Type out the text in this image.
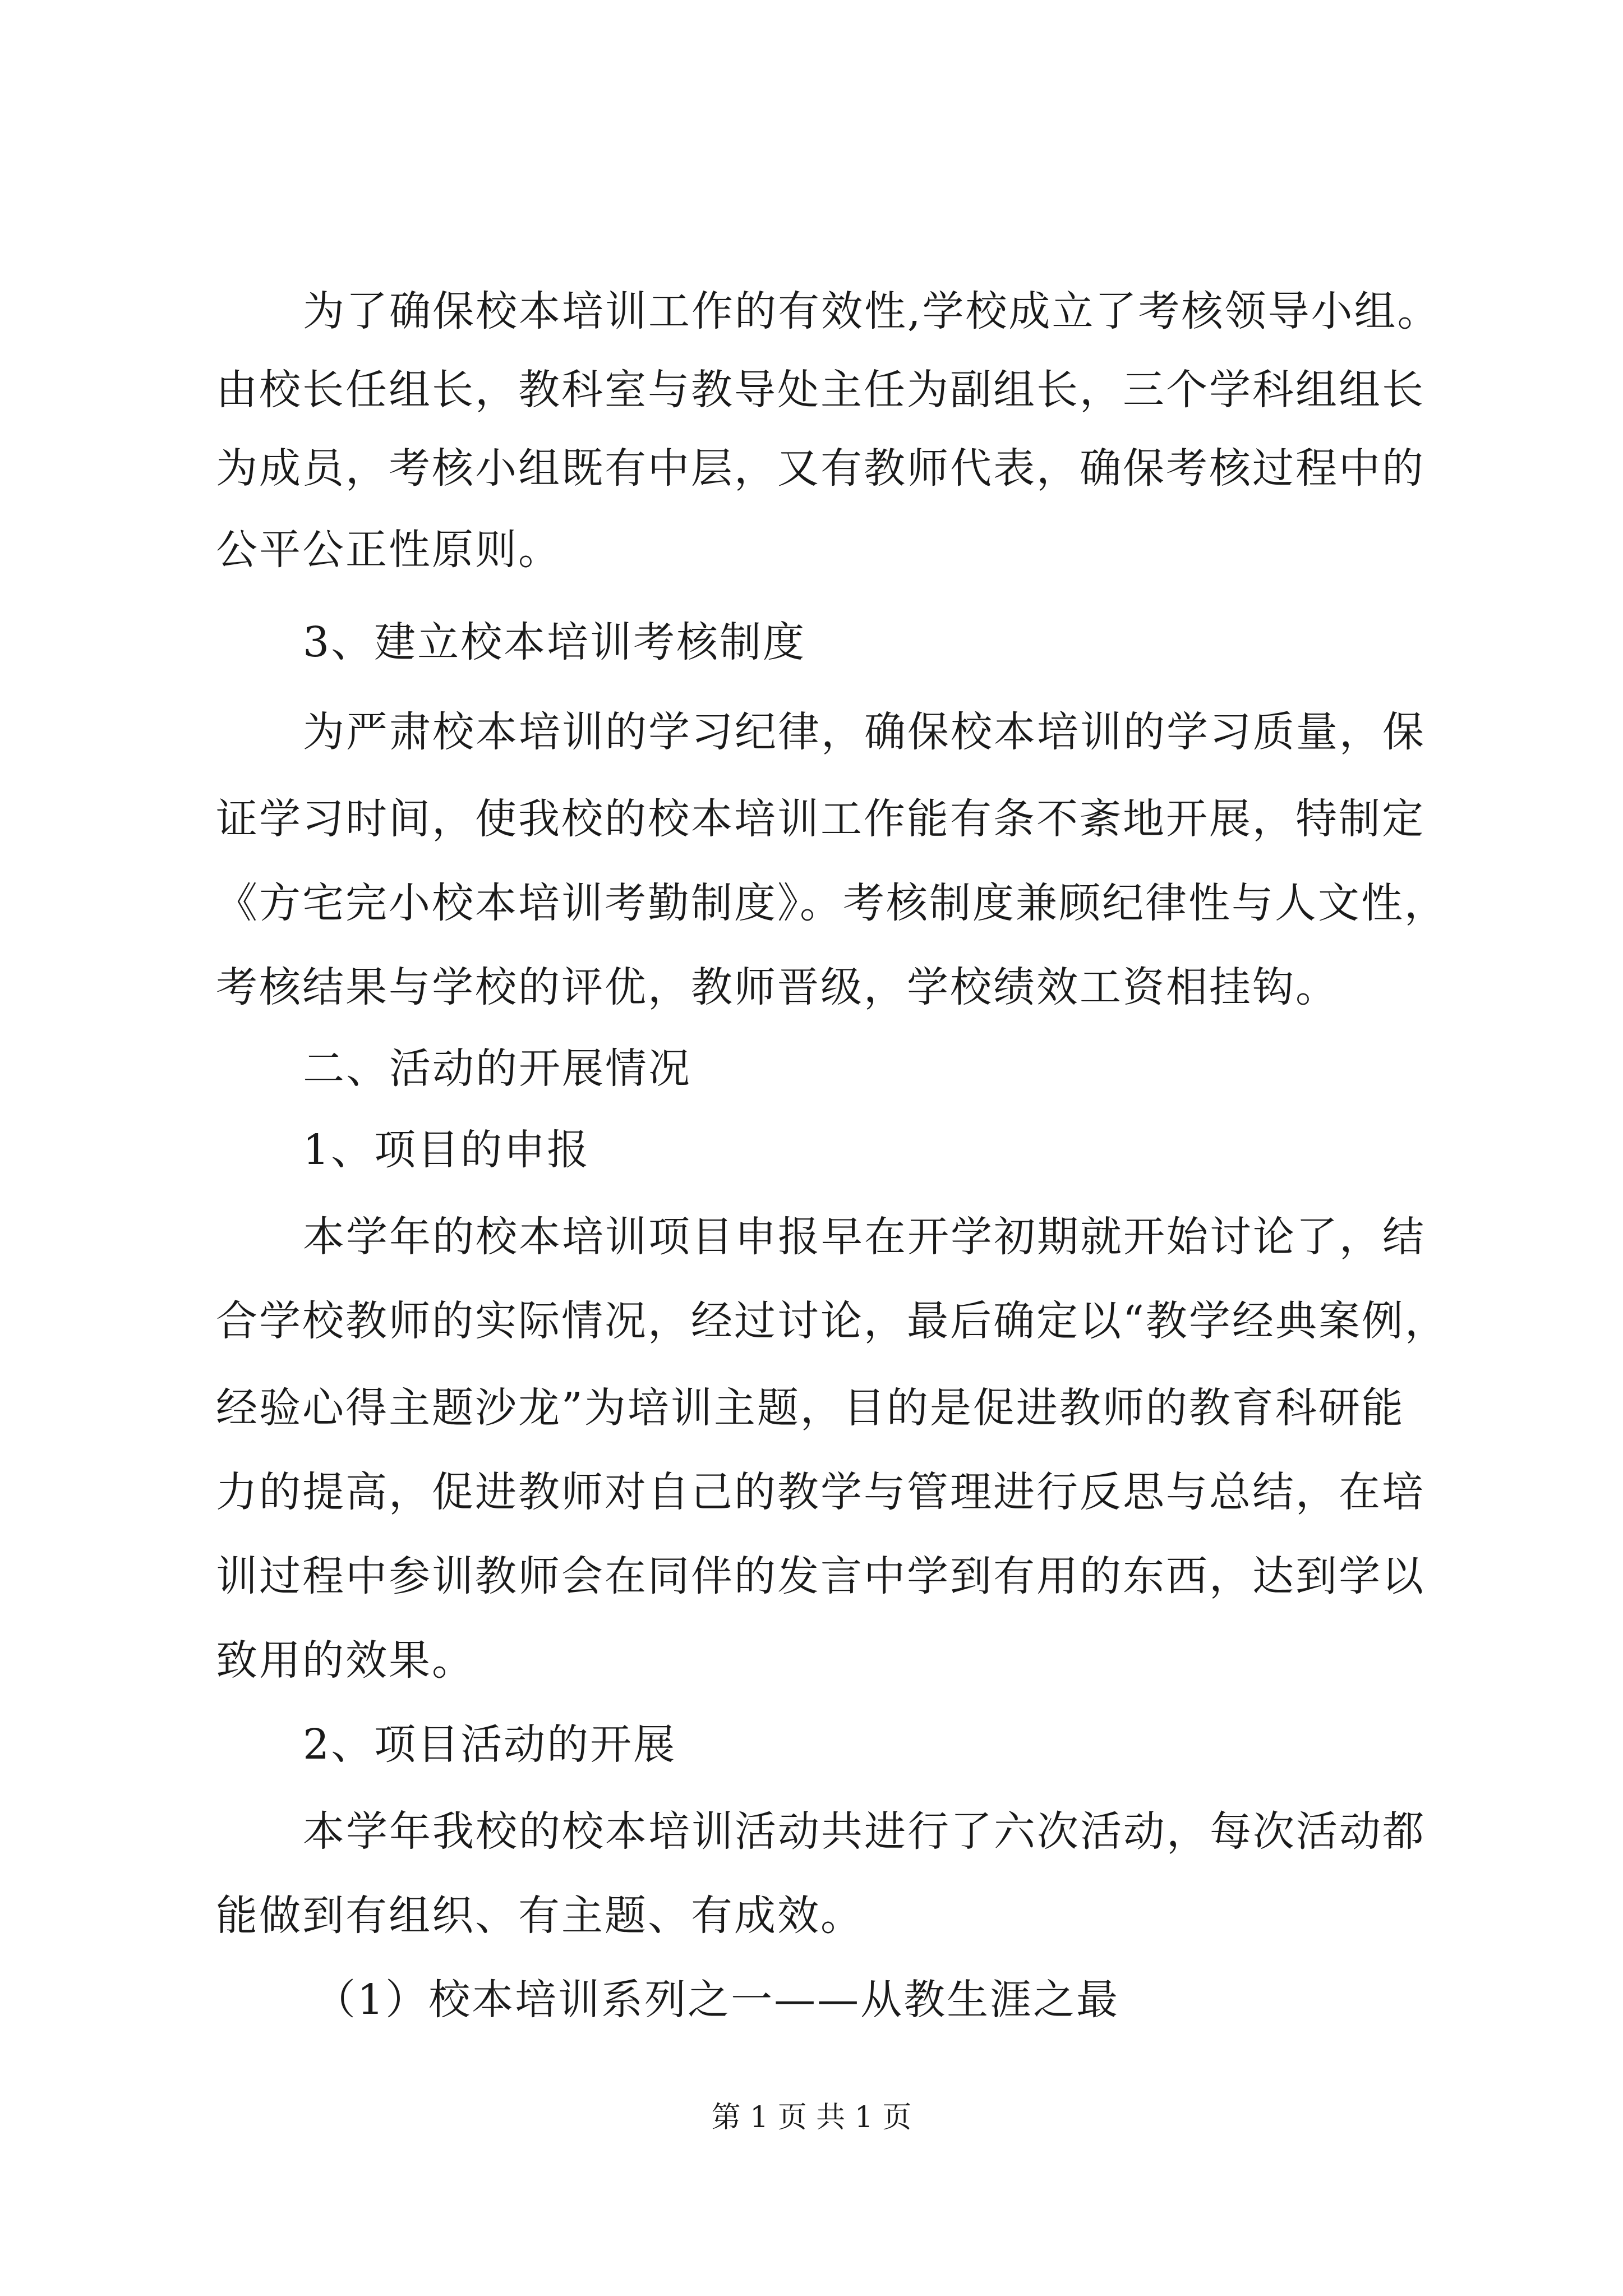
为了确保校本培训工作的有效性,学校成立了考核领导小组。

由校长任组长，教科室与教导处主任为副组长，三个学科组组长

为成员，考核小组既有中层，又有教师代表，确保考核过程中的

公平公正性原则。

3、建立校本培训考核制度

为严肃校本培训的学习纪律，确保校本培训的学习质量，保

证学习时间，使我校的校本培训工作能有条不紊地开展，特制定

《方宅完小校本培训考勤制度》。考核制度兼顾纪律性与人文性，

考核结果与学校的评优，教师晋级，学校绩效工资相挂钩。

二、活动的开展情况

1、项目的申报

本学年的校本培训项目申报早在开学初期就开始讨论了，结

合学校教师的实际情况，经过讨论，最后确定以“教学经典案例，

经验心得主题沙龙”为培训主题，目的是促进教师的教育科研能

力的提高，促进教师对自己的教学与管理进行反思与总结，在培

训过程中参训教师会在同伴的发言中学到有用的东西，达到学以

致用的效果。

2、项目活动的开展

本学年我校的校本培训活动共进行了六次活动，每次活动都

能做到有组织、有主题、有成效。

（1）校本培训系列之一——从教生涯之最

第 1 页 共 1 页
